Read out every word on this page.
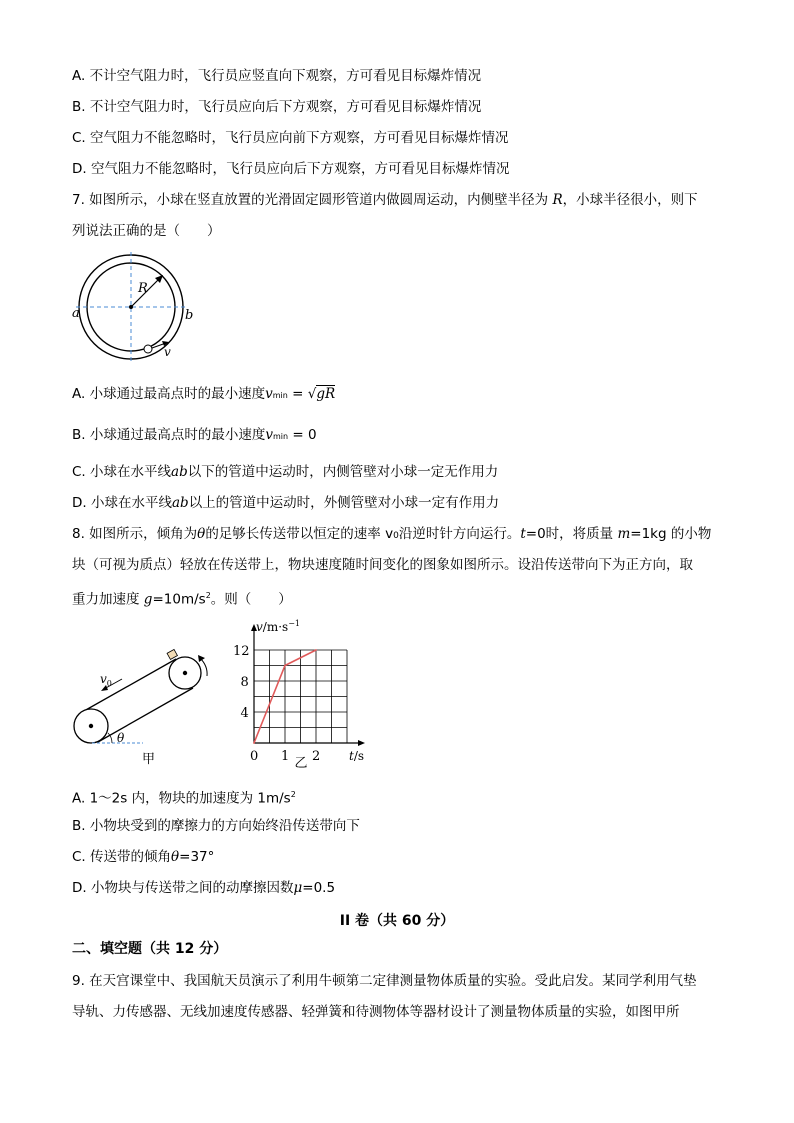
A. 不计空气阻力时，飞行员应竖直向下观察，方可看见目标爆炸情况
B. 不计空气阻力时，飞行员应向后下方观察，方可看见目标爆炸情况
C. 空气阻力不能忽略时，飞行员应向前下方观察，方可看见目标爆炸情况
D. 空气阻力不能忽略时，飞行员应向后下方观察，方可看见目标爆炸情况
7. 如图所示，小球在竖直放置的光滑固定圆形管道内做圆周运动，内侧壁半径为 R，小球半径很小，则下
列说法正确的是（　　）
R
a	b
v
A. 小球通过最高点时的最小速度vmin = √gR
B. 小球通过最高点时的最小速度vmin = 0
C. 小球在水平线ab以下的管道中运动时，内侧管壁对小球一定无作用力
D. 小球在水平线ab以上的管道中运动时，外侧管壁对小球一定有作用力
8. 如图所示，倾角为θ的足够长传送带以恒定的速率 v0沿逆时针方向运行。t=0时，将质量 m=1kg 的小物
块（可视为质点）轻放在传送带上，物块速度随时间变化的图象如图所示。设沿传送带向下为正方向，取
重力加速度 $g=10m/s^2$。则（　　）
$v_0$
θ
甲	0 1 2
4
8
12
$v/m\cdot s^{-1}$
t/s
乙
A. 1～2s 内，物块的加速度为 $1m/s^2$
B. 小物块受到的摩擦力的方向始终沿传送带向下
C. 传送带的倾角θ=37°
D. 小物块与传送带之间的动摩擦因数μ=0.5
II 卷（共 60 分）
二、填空题（共 12 分）
9. 在天宫课堂中、我国航天员演示了利用牛顿第二定律测量物体质量的实验。受此启发。某同学利用气垫
导轨、力传感器、无线加速度传感器、轻弹簧和待测物体等器材设计了测量物体质量的实验，如图甲所
